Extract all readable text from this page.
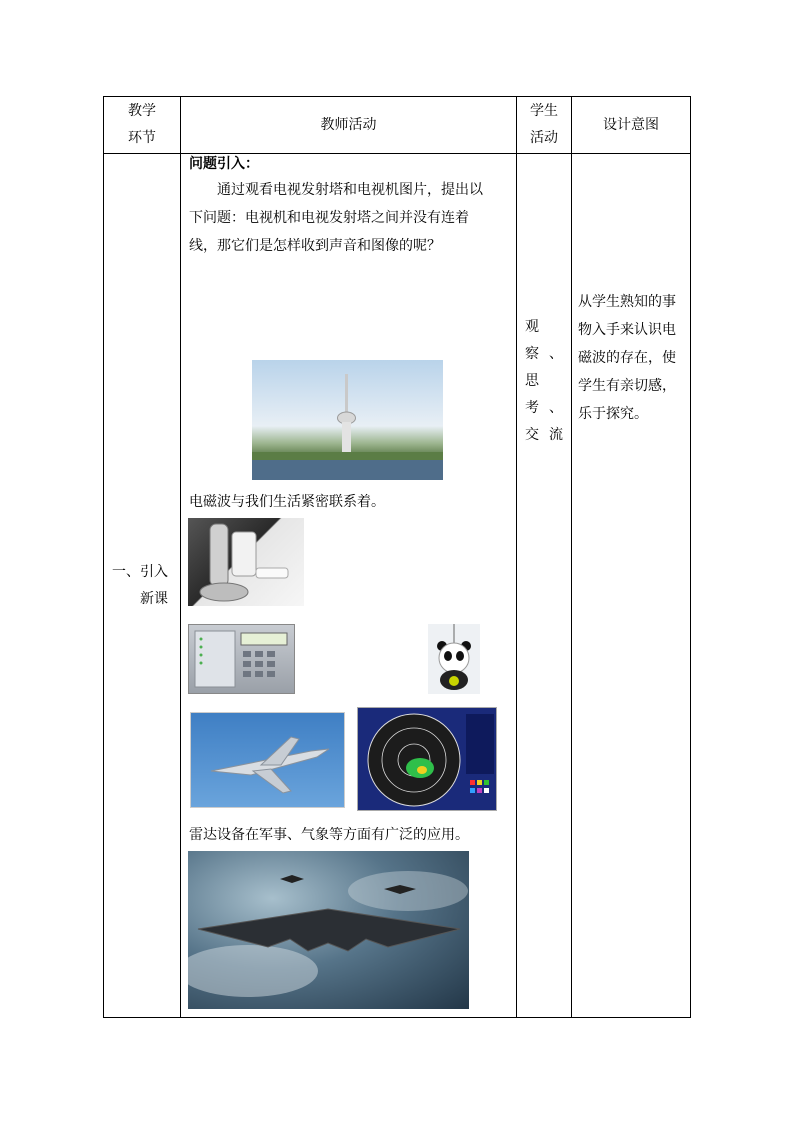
教学环节	教师活动	学生活动	设计意图

一、引入新课	问题引入：
通过观看电视发射塔和电视机图片，提出以下问题：电视机和电视发射塔之间并没有连着线，那它们是怎样收到声音和图像的呢？
电磁波与我们生活紧密联系着。
雷达设备在军事、气象等方面有广泛的应用。	观察、思考、交流	从学生熟知的事物入手来认识电磁波的存在，使学生有亲切感，乐于探究。
